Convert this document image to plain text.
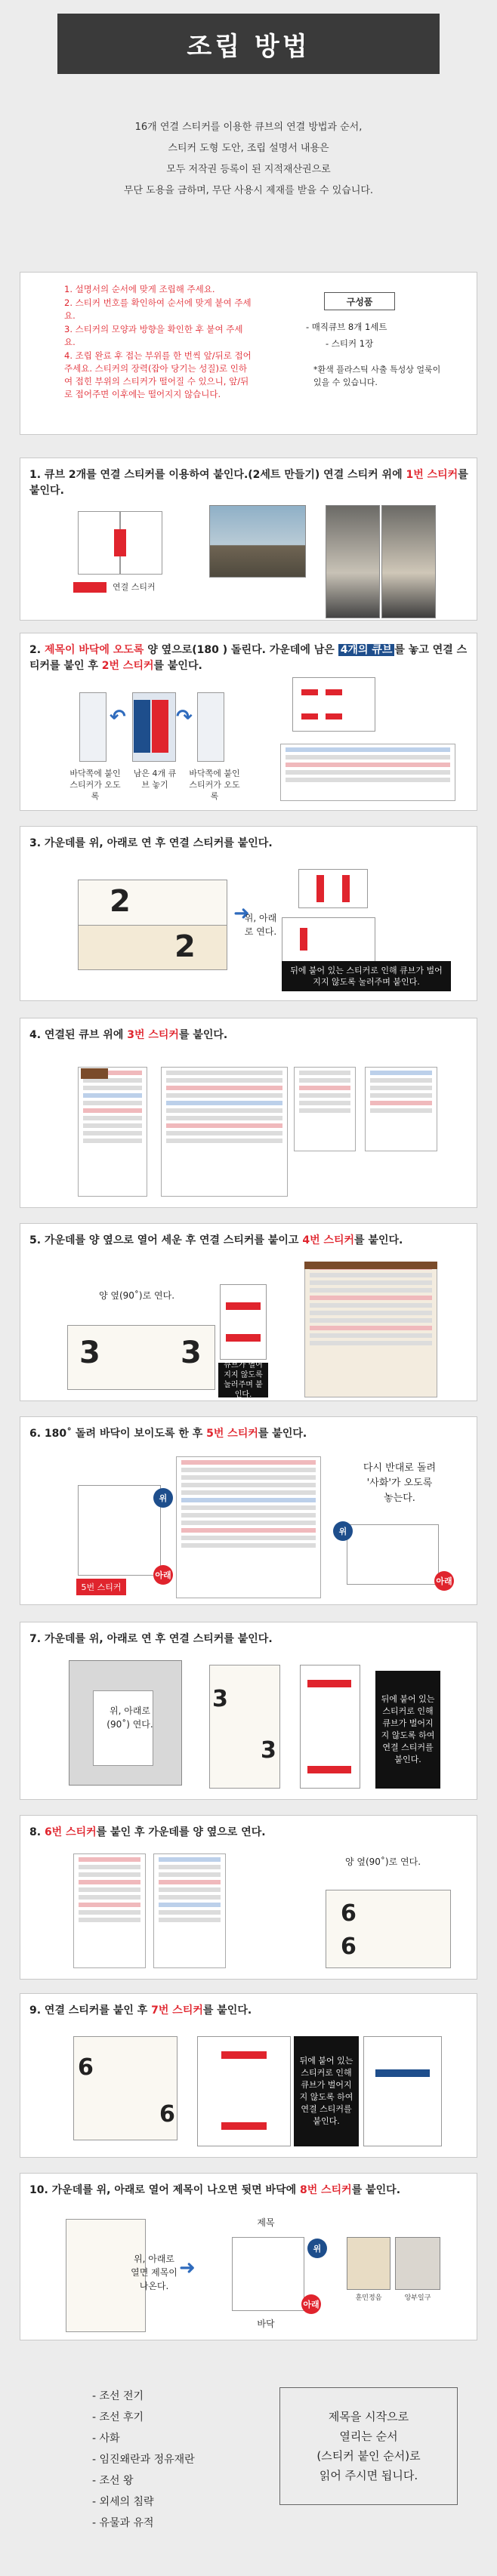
조립 방법
16개 연결 스티커를 이용한 큐브의 연결 방법과 순서,
스티커 도형 도안, 조립 설명서 내용은
모두 저작권 등록이 된 지적재산권으로
무단 도용을 금하며, 무단 사용시 제재를 받을 수 있습니다.
1. 설명서의 순서에 맞게 조립해 주세요.
2. 스티커 번호를 확인하여 순서에 맞게 붙여 주세요.
3. 스티커의 모양과 방향을 확인한 후 붙여 주세요.
4. 조립 완료 후 접는 부위를 한 번씩 앞/뒤로 접어 주세요. 스티커의 장력(잡아 당기는 성질)로 인하여 접힌 부위의 스티커가 떨어질 수 있으니, 앞/뒤로 접어주면 이후에는 떨어지지 않습니다.
구성품
- 매직큐브 8개 1세트
- 스티커 1장
*환색 플라스틱 사출 특성상 얼룩이 있을 수 있습니다.
1. 큐브 2개를 연결 스티커를 이용하여 붙인다.(2세트 만들기) 연결 스티커 위에 1번 스티커를 붙인다.
연결 스티커
2. 제목이 바닥에 오도록 양 옆으로(180 ) 돌린다. 가운데에 남은 4개의 큐브 를 놓고 연결 스티커를 붙인 후 2번 스티커를 붙인다.
↶	↷
바닥쪽에 붙인 스티커가 오도록
남은 4개 큐브 놓기
바닥쪽에 붙인 스티커가 오도록
3. 가운데를 위, 아래로 연 후 연결 스티커를 붙인다.
2
2
➜
위, 아래로 연다.
뒤에 붙어 있는 스티커로 인해 큐브가 벌어지지 않도록 눌러주며 붙인다.
4. 연결된 큐브 위에 3번 스티커를 붙인다.
5. 가운데를 양 옆으로 열어 세운 후 연결 스티커를 붙이고 4번 스티커를 붙인다.
양 옆(90˚)로 연다.
3	3	큐브가 벌어지지 않도록 눌러주며 붙인다.
6. 180˚ 돌려 바닥이 보이도록 한 후 5번 스티커를 붙인다.
5번 스티커
아래
위
다시 반대로 돌려 '사화'가 오도록 놓는다.
위
아래
7. 가운데를 위, 아래로 연 후 연결 스티커를 붙인다.
위, 아래로(90˚) 연다.
3
3
뒤에 붙어 있는 스티커로 인해 큐브가 벌어지지 않도록 하여 연결 스티커를 붙인다.
8. 6번 스티커를 붙인 후 가운데를 양 옆으로 연다.
양 옆(90˚)로 연다.
6
6
9. 연결 스티커를 붙인 후 7번 스티커를 붙인다.
6
6
뒤에 붙어 있는 스티커로 인해 큐브가 벌어지지 않도록 하여 연결 스티커를 붙인다.
10. 가운데를 위, 아래로 열어 제목이 나오면 뒷면 바닥에 8번 스티커를 붙인다.
위, 아래로 열면 제목이 나온다.
➜
제목
위
아래
바닥
훈민정음	앙부일구
- 조선 전기
- 조선 후기
- 사화
- 임진왜란과 정유재란
- 조선 왕
- 외세의 침략
- 유물과 유적
제목을 시작으로
열리는 순서
(스티커 붙인 순서)로
읽어 주시면 됩니다.
